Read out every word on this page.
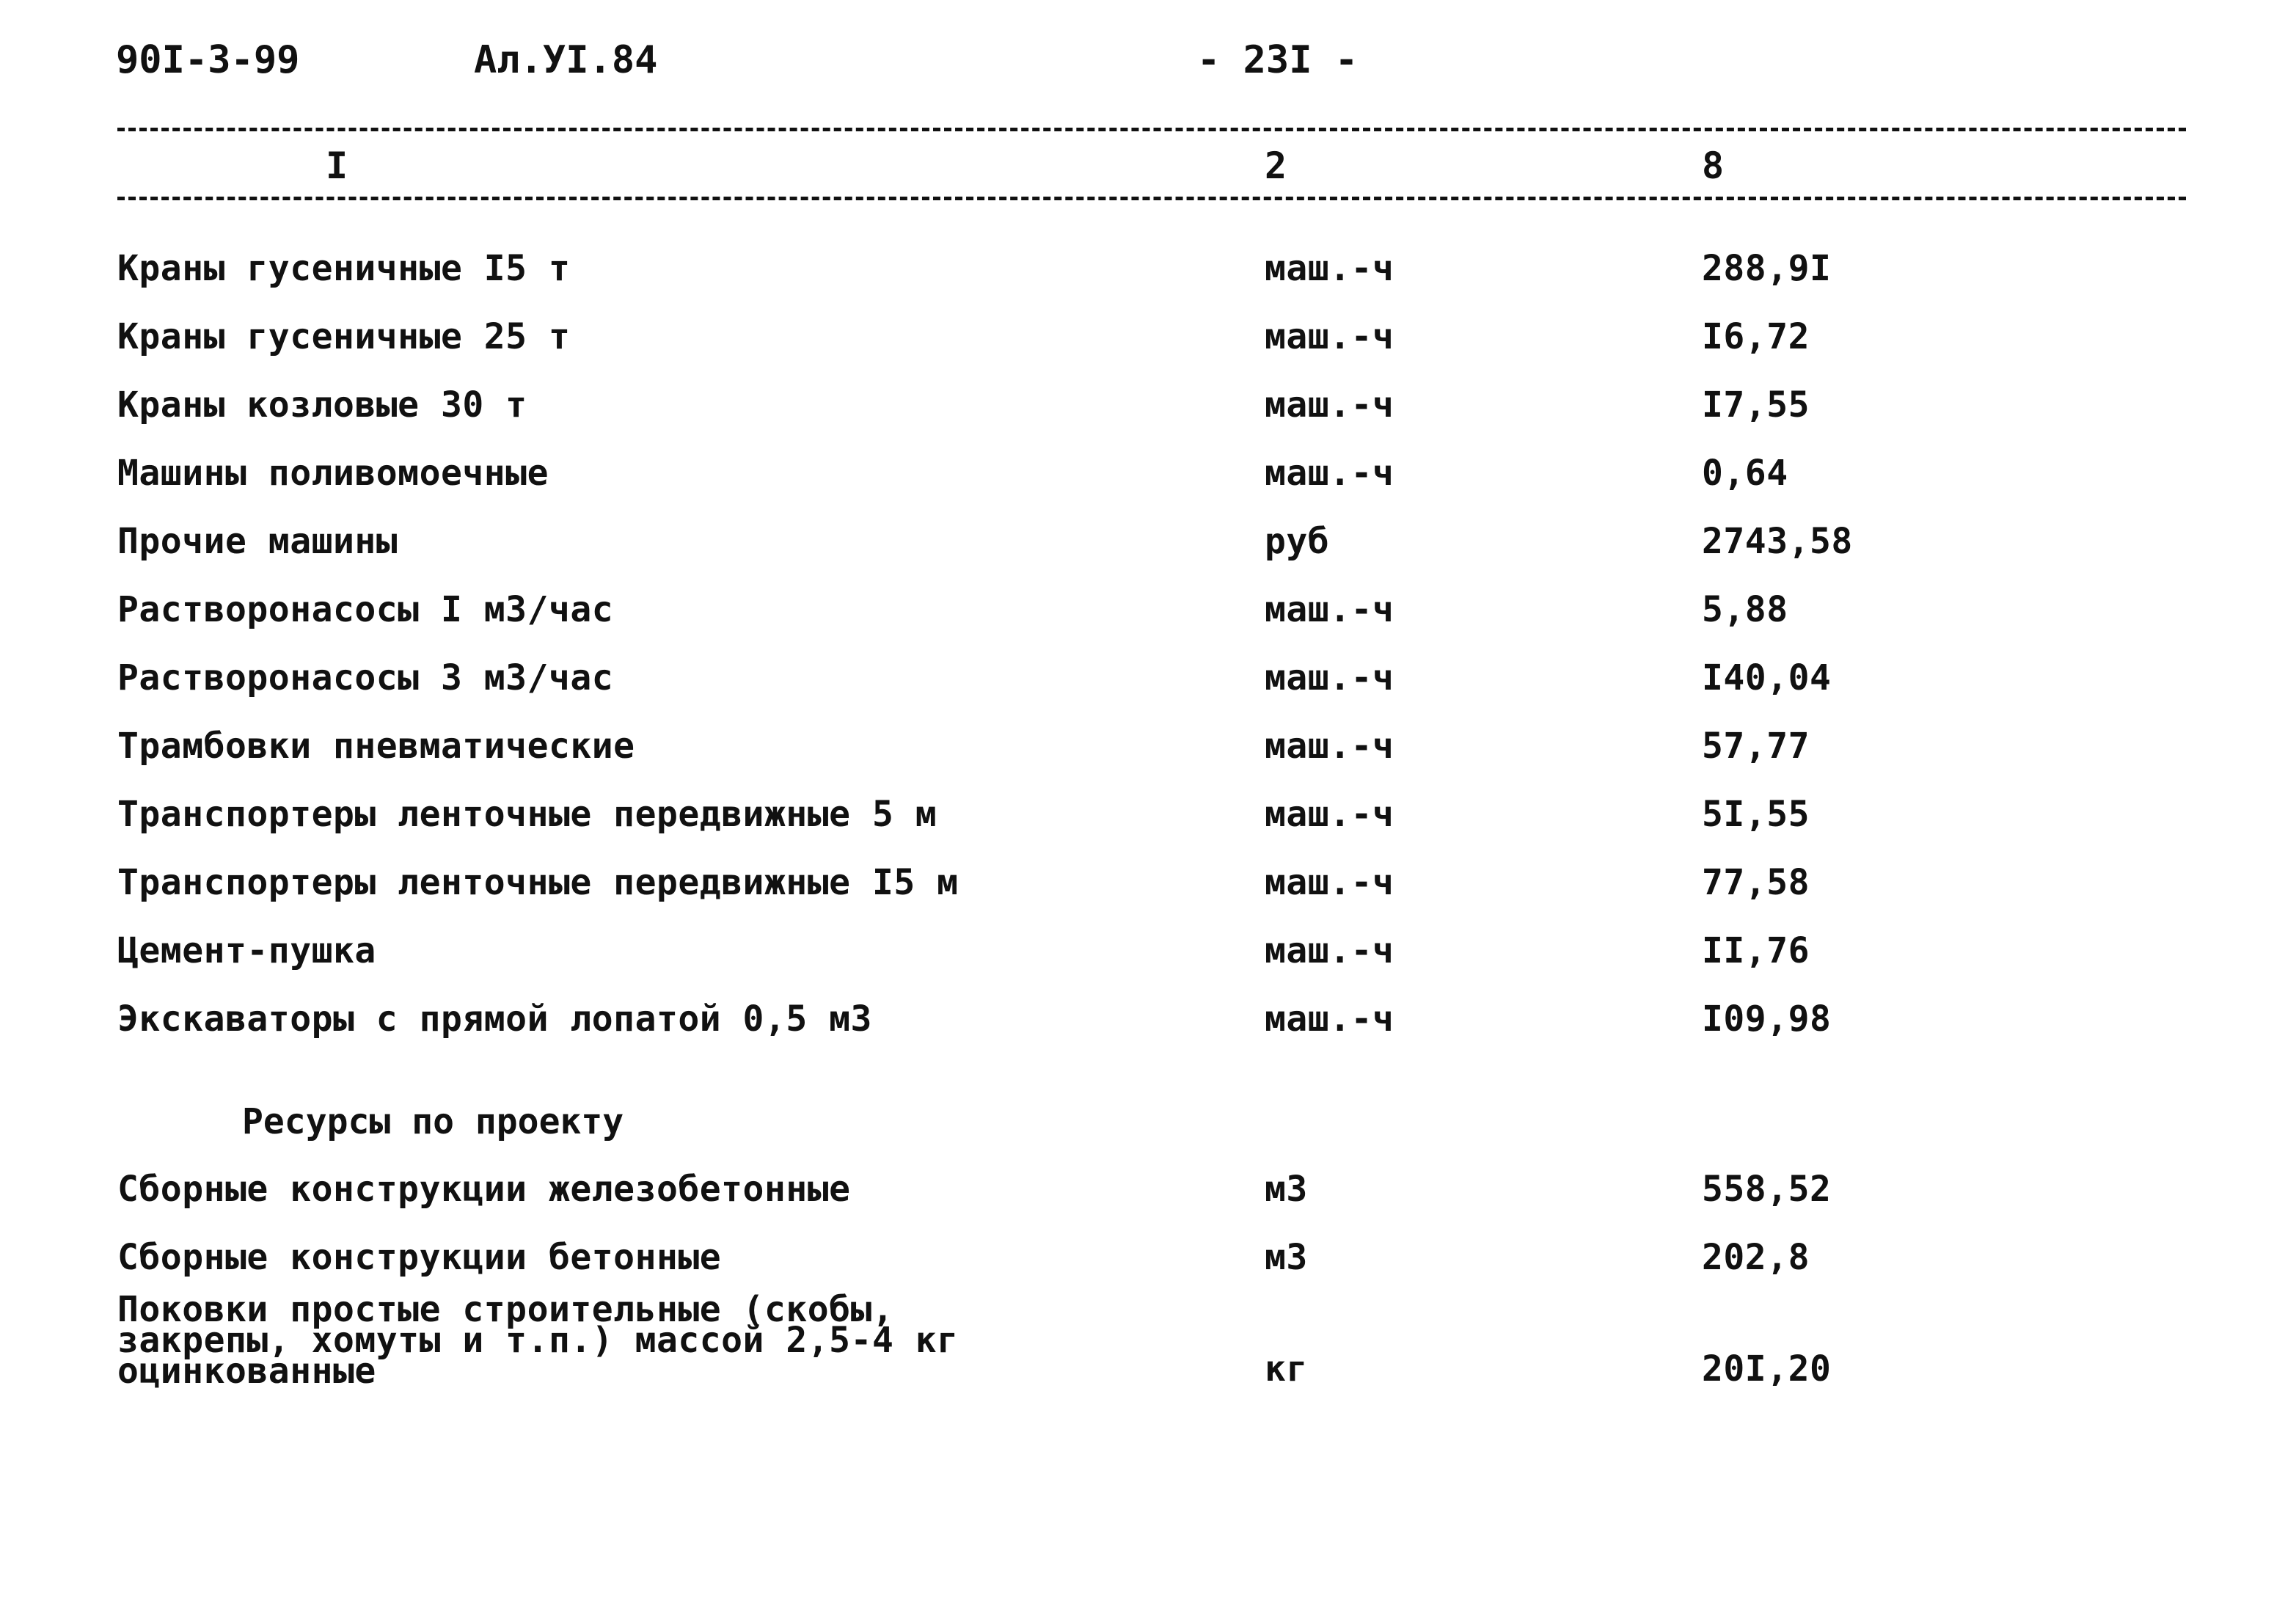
90I-3-99	Ал.УI.84	- 23I -
I	2	8
Краны гусеничные I5 т	маш.-ч	288,9I
Краны гусеничные 25 т	маш.-ч	I6,72
Краны козловые 30 т	маш.-ч	I7,55
Машины поливомоечные	маш.-ч	0,64
Прочие машины	руб	2743,58
Растворонасосы I м3/час	маш.-ч	5,88
Растворонасосы 3 м3/час	маш.-ч	I40,04
Трамбовки пневматические	маш.-ч	57,77
Транспортеры ленточные передвижные 5 м	маш.-ч	5I,55
Транспортеры ленточные передвижные I5 м	маш.-ч	77,58
Цемент-пушка	маш.-ч	II,76
Экскаваторы с прямой лопатой 0,5 м3	маш.-ч	I09,98
Ресурсы по проекту
Сборные конструкции железобетонные	м3	558,52
Сборные конструкции бетонные	м3	202,8
Поковки простые строительные (скобы,
закрепы, хомуты и т.п.) массой 2,5-4 кг
оцинкованные	кг	20I,20
